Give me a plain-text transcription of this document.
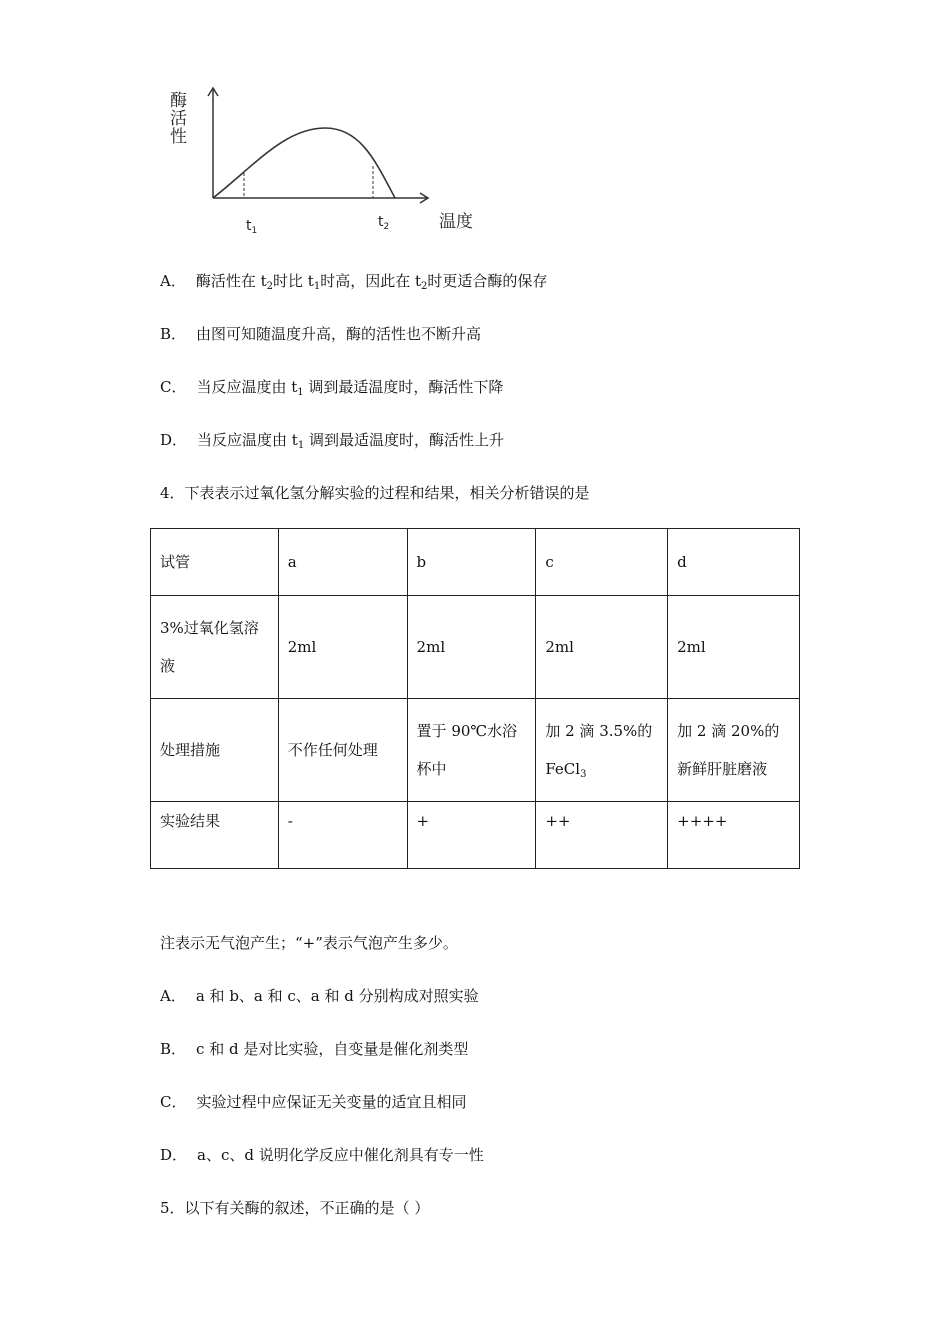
酶
活
性
$t_1$
$t_2$	温度
A． 酶活性在 $t_2$时比 $t_1$时高，因此在 $t_2$时更适合酶的保存
B． 由图可知随温度升高，酶的活性也不断升高
C． 当反应温度由 $t_1$ 调到最适温度时，酶活性下降
D． 当反应温度由 $t_1$ 调到最适温度时，酶活性上升
4．下表表示过氧化氢分解实验的过程和结果，相关分析错误的是
试管	a	b	c	d
3%过氧化氢溶液	2ml	2ml	2ml	2ml
处理措施	不作任何处理	置于 90℃水浴杯中	加 2 滴 3.5%的 FeCl$_3$	加 2 滴 20%的新鲜肝脏磨液
实验结果	-	+	++	++++
注表示无气泡产生；“+”表示气泡产生多少。
A． a 和 b、a 和 c、a 和 d 分别构成对照实验
B． c 和 d 是对比实验，自变量是催化剂类型
C． 实验过程中应保证无关变量的适宜且相同
D． a、c、d 说明化学反应中催化剂具有专一性
5．以下有关酶的叙述，不正确的是（ ）
